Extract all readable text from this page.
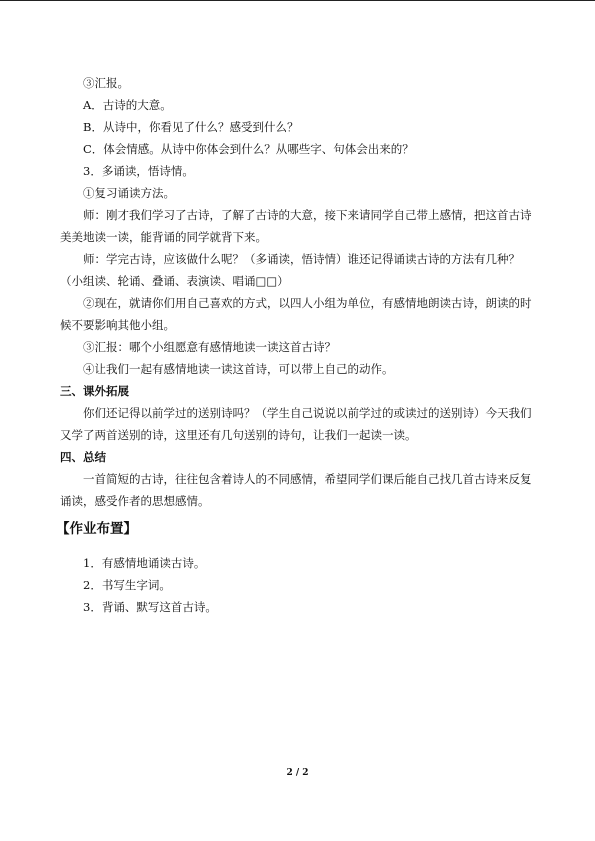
③汇报。

A．古诗的大意。

B．从诗中，你看见了什么？感受到什么？

C．体会情感。从诗中你体会到什么？从哪些字、句体会出来的？

3．多诵读，悟诗情。

①复习诵读方法。

师：刚才我们学习了古诗，了解了古诗的大意，接下来请同学自己带上感情，把这首古诗美美地读一读，能背诵的同学就背下来。

师：学完古诗，应该做什么呢？（多诵读，悟诗情）谁还记得诵读古诗的方法有几种？（小组读、轮诵、叠诵、表演读、唱诵□□）

②现在，就请你们用自己喜欢的方式，以四人小组为单位，有感情地朗读古诗，朗读的时候不要影响其他小组。

③汇报：哪个小组愿意有感情地读一读这首古诗？

④让我们一起有感情地读一读这首诗，可以带上自己的动作。

三、课外拓展

你们还记得以前学过的送别诗吗？（学生自己说说以前学过的或读过的送别诗）今天我们又学了两首送别的诗，这里还有几句送别的诗句，让我们一起读一读。

四、总结

一首简短的古诗，往往包含着诗人的不同感情，希望同学们课后能自己找几首古诗来反复诵读，感受作者的思想感情。

【作业布置】

1．有感情地诵读古诗。

2．书写生字词。

3．背诵、默写这首古诗。

2 / 2
